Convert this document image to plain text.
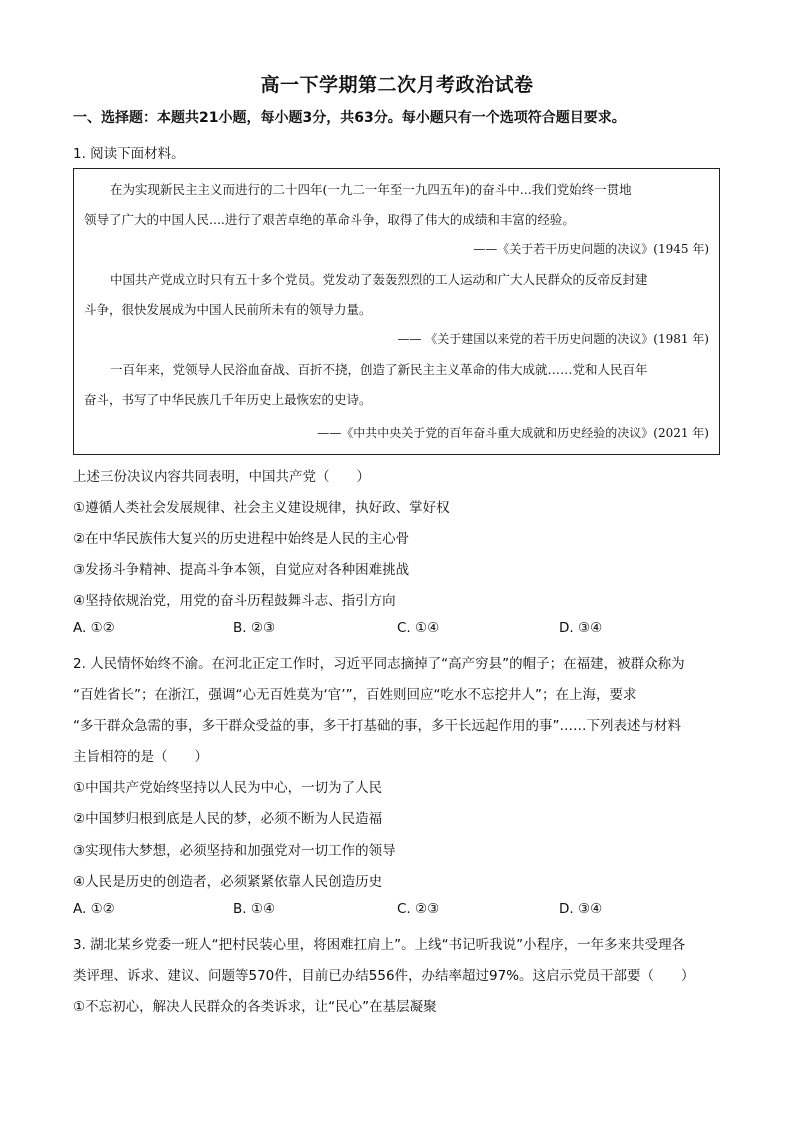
高一下学期第二次月考政治试卷
一、选择题：本题共21小题，每小题3分，共63分。每小题只有一个选项符合题目要求。
1. 阅读下面材料。
在为实现新民主主义而进行的二十四年(一九二一年至一九四五年)的奋斗中...我们党始终一贯地
领导了广大的中国人民....进行了艰苦卓绝的革命斗争，取得了伟大的成绩和丰富的经验。
——《关于若干历史问题的决议》(1945 年)
中国共产党成立时只有五十多个党员。党发动了轰轰烈烈的工人运动和广大人民群众的反帝反封建
斗争，很快发展成为中国人民前所未有的领导力量。
—— 《关于建国以来党的若干历史问题的决议》(1981 年)
一百年来，党领导人民浴血奋战、百折不挠，创造了新民主主义革命的伟大成就……党和人民百年
奋斗，书写了中华民族几千年历史上最恢宏的史诗。
——《中共中央关于党的百年奋斗重大成就和历史经验的决议》(2021 年)
上述三份决议内容共同表明，中国共产党（　　）
①遵循人类社会发展规律、社会主义建设规律，执好政、掌好权
②在中华民族伟大复兴的历史进程中始终是人民的主心骨
③发扬斗争精神、提高斗争本领，自觉应对各种困难挑战
④坚持依规治党，用党的奋斗历程鼓舞斗志、指引方向
A. ①②	B. ②③	C. ①④	D. ③④
2. 人民情怀始终不渝。在河北正定工作时，习近平同志摘掉了“高产穷县”的帽子；在福建，被群众称为
“百姓省长”；在浙江，强调“心无百姓莫为‘官’”，百姓则回应“吃水不忘挖井人”；在上海，要求
“多干群众急需的事，多干群众受益的事，多干打基础的事，多干长远起作用的事”……下列表述与材料
主旨相符的是（　　）
①中国共产党始终坚持以人民为中心，一切为了人民
②中国梦归根到底是人民的梦，必须不断为人民造福
③实现伟大梦想，必须坚持和加强党对一切工作的领导
④人民是历史的创造者，必须紧紧依靠人民创造历史
A. ①②	B. ①④	C. ②③	D. ③④
3. 湖北某乡党委一班人“把村民装心里，将困难扛肩上”。上线“书记听我说”小程序，一年多来共受理各
类评理、诉求、建议、问题等570件，目前已办结556件，办结率超过97%。这启示党员干部要（　　）
①不忘初心，解决人民群众的各类诉求，让“民心”在基层凝聚
